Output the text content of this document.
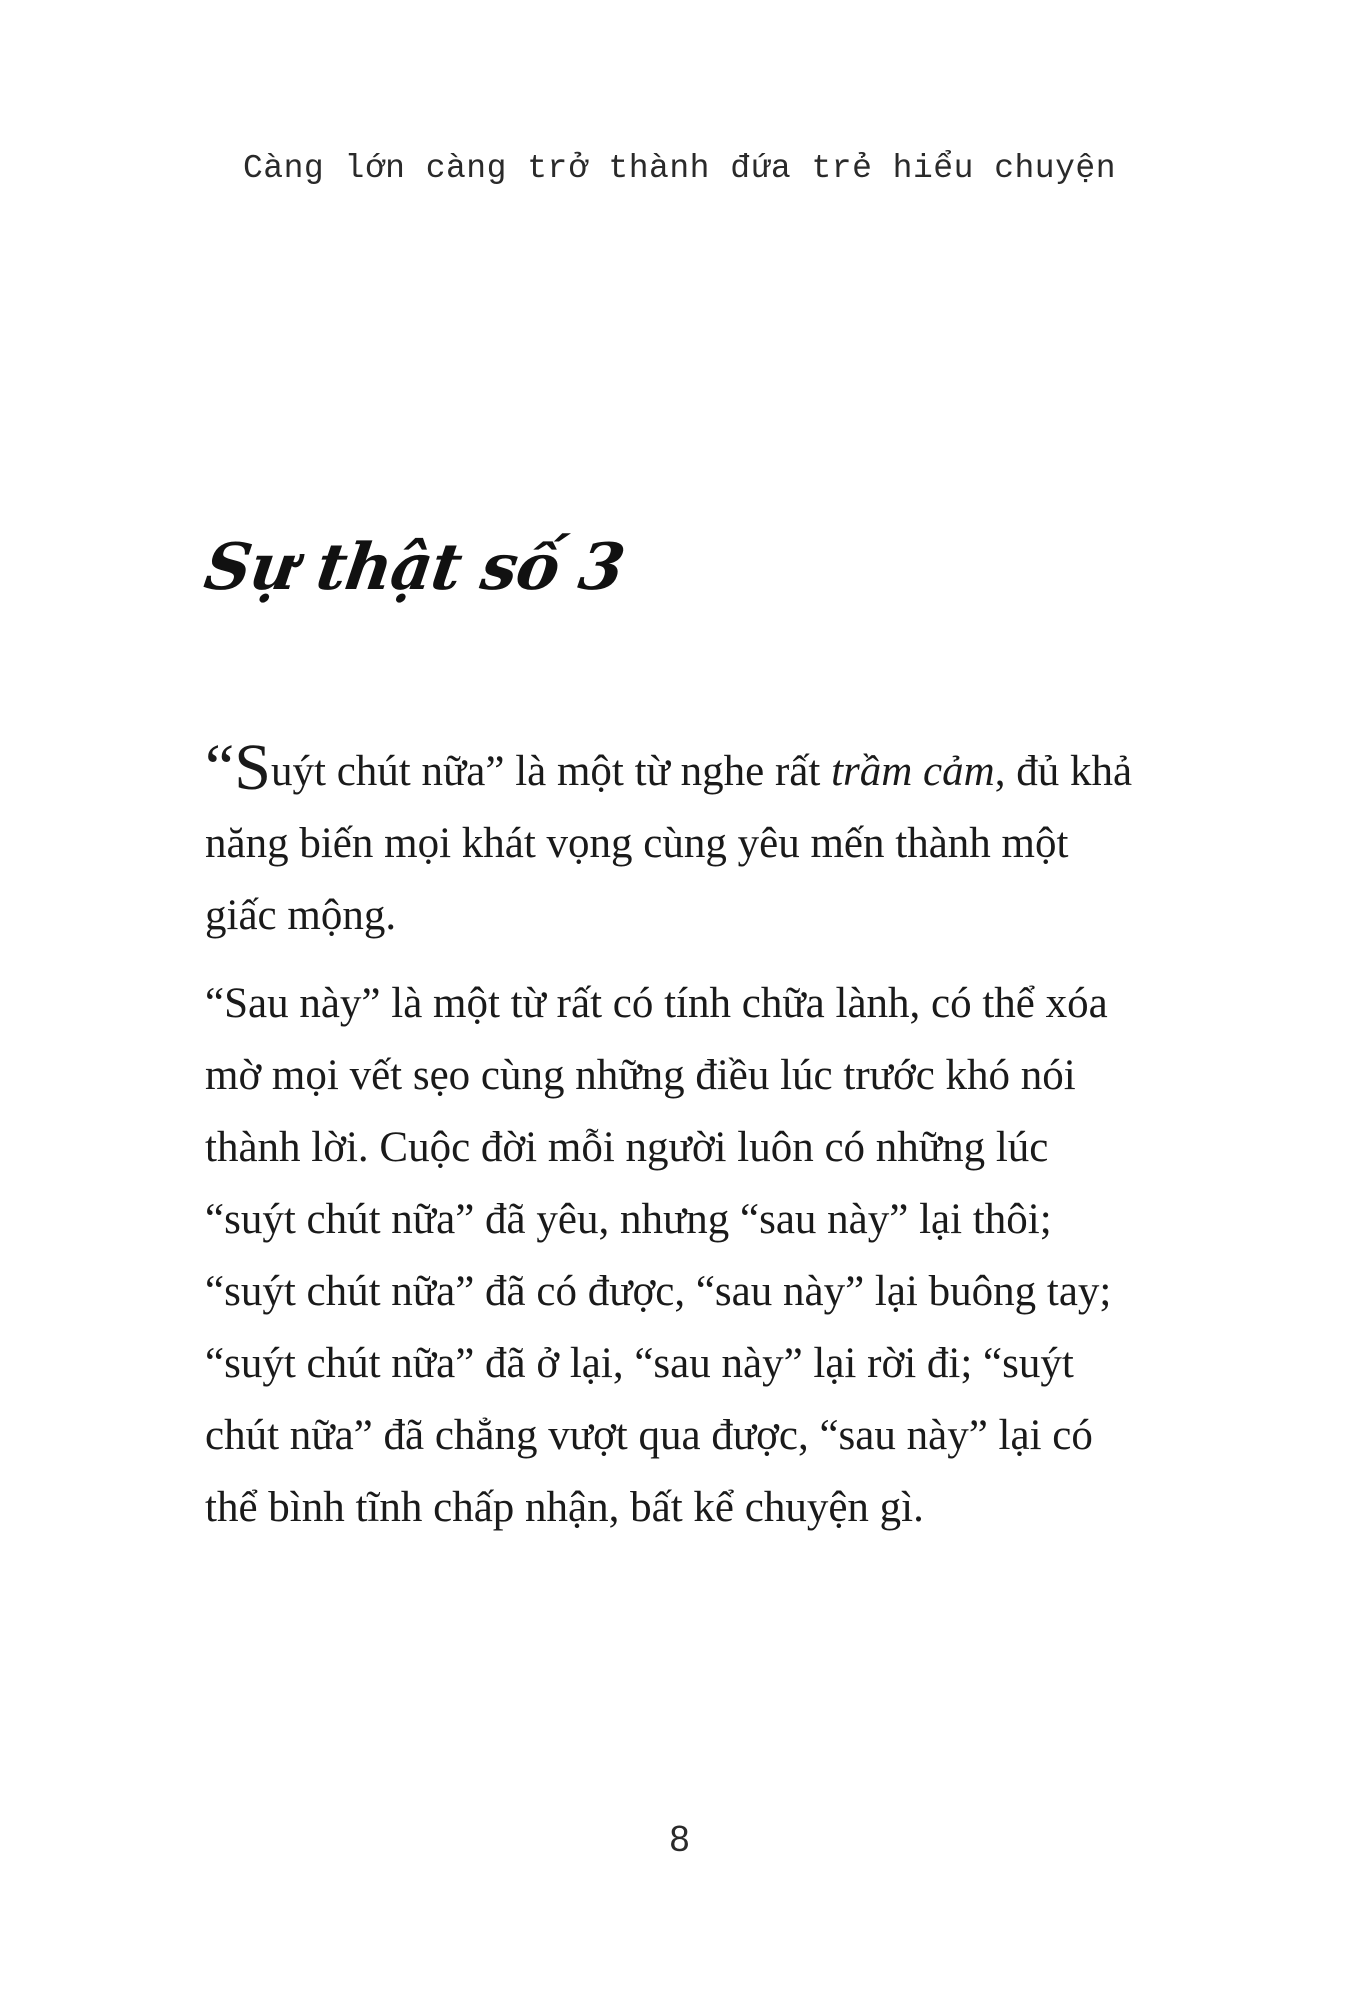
Càng lớn càng trở thành đứa trẻ hiểu chuyện
Sự thật số 3

“Suýt chút nữa” là một từ nghe rất trầm cảm, đủ khả năng biến mọi khát vọng cùng yêu mến thành một giấc mộng.

“Sau này” là một từ rất có tính chữa lành, có thể xóa mờ mọi vết sẹo cùng những điều lúc trước khó nói thành lời. Cuộc đời mỗi người luôn có những lúc “suýt chút nữa” đã yêu, nhưng “sau này” lại thôi; “suýt chút nữa” đã có được, “sau này” lại buông tay; “suýt chút nữa” đã ở lại, “sau này” lại rời đi; “suýt chút nữa” đã chẳng vượt qua được, “sau này” lại có thể bình tĩnh chấp nhận, bất kể chuyện gì.

8
